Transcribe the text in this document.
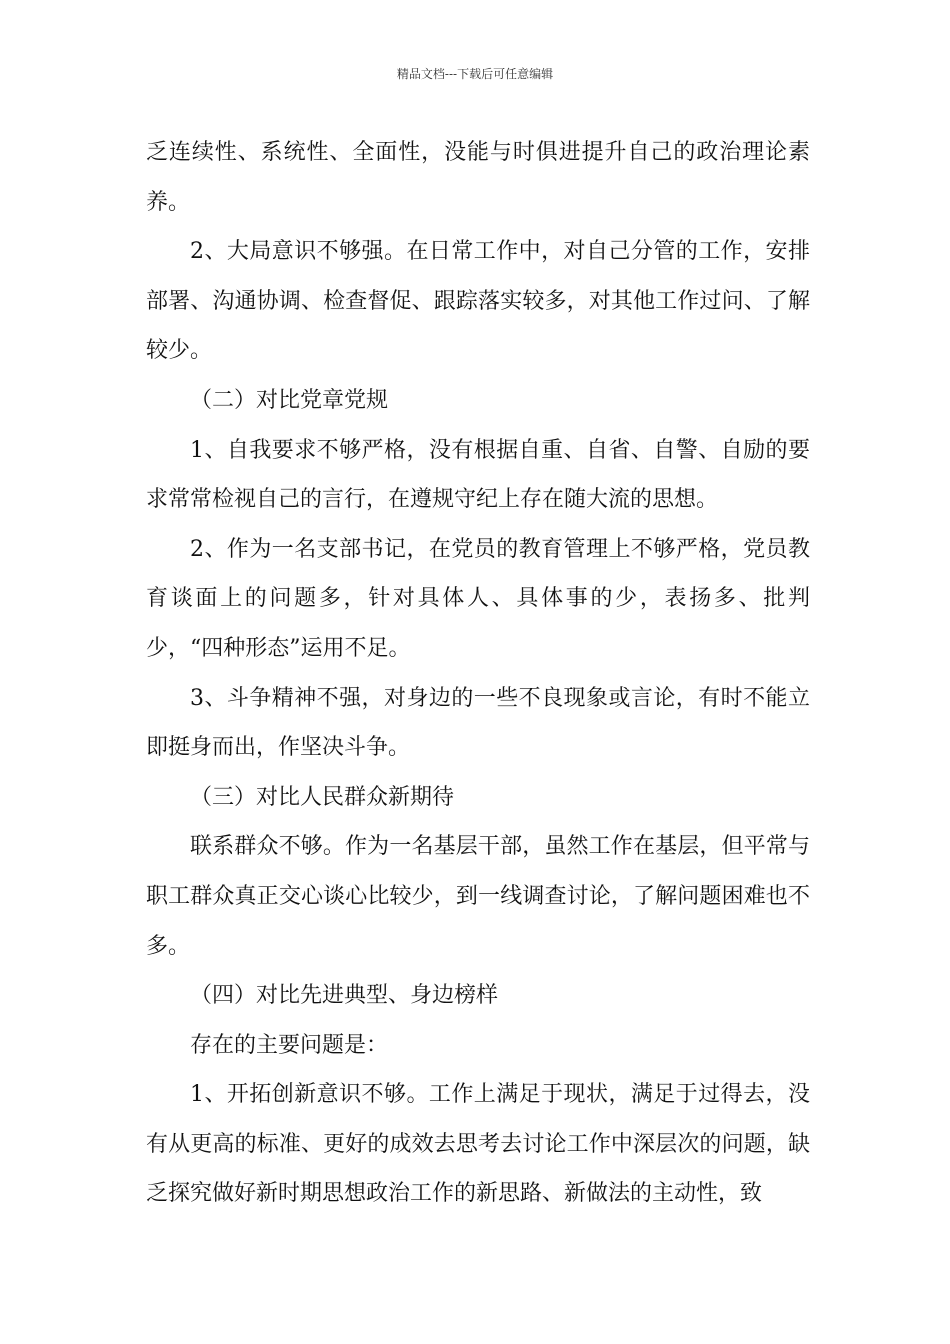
精品文档---下载后可任意编辑

乏连续性、系统性、全面性，没能与时俱进提升自己的政治理论素养。

2、大局意识不够强。在日常工作中，对自己分管的工作，安排部署、沟通协调、检查督促、跟踪落实较多，对其他工作过问、了解较少。

（二）对比党章党规

1、自我要求不够严格，没有根据自重、自省、自警、自励的要求常常检视自己的言行，在遵规守纪上存在随大流的思想。

2、作为一名支部书记，在党员的教育管理上不够严格，党员教育谈面上的问题多，针对具体人、具体事的少，表扬多、批判少，“四种形态”运用不足。

3、斗争精神不强，对身边的一些不良现象或言论，有时不能立即挺身而出，作坚决斗争。

（三）对比人民群众新期待

联系群众不够。作为一名基层干部，虽然工作在基层，但平常与职工群众真正交心谈心比较少，到一线调查讨论，了解问题困难也不多。

（四）对比先进典型、身边榜样

存在的主要问题是：

1、开拓创新意识不够。工作上满足于现状，满足于过得去，没有从更高的标准、更好的成效去思考去讨论工作中深层次的问题，缺乏探究做好新时期思想政治工作的新思路、新做法的主动性，致
